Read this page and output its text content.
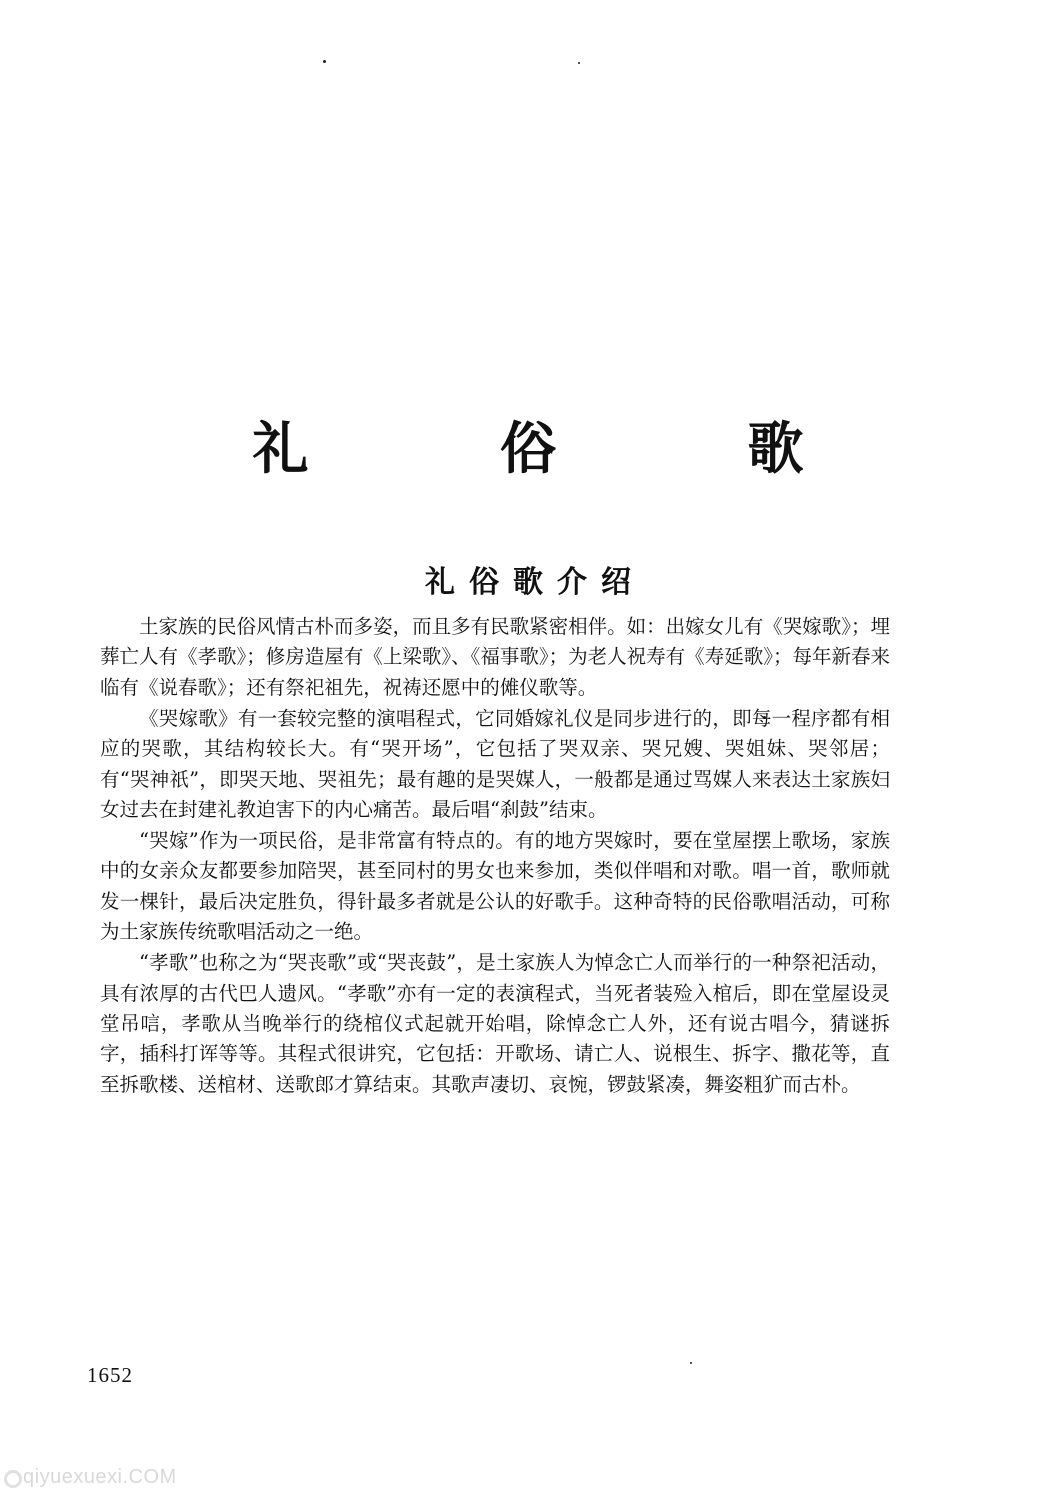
礼 俗 歌
礼俗歌介绍

土家族的民俗风情古朴而多姿，而且多有民歌紧密相伴。如：出嫁女儿有《哭嫁歌》；埋葬亡人有《孝歌》；修房造屋有《上梁歌》、《福事歌》；为老人祝寿有《寿延歌》；每年新春来临有《说春歌》；还有祭祀祖先，祝祷还愿中的傩仪歌等。

《哭嫁歌》有一套较完整的演唱程式，它同婚嫁礼仪是同步进行的，即每一程序都有相应的哭歌，其结构较长大。有“哭开场”，它包括了哭双亲、哭兄嫂、哭姐妹、哭邻居；有“哭神祇”，即哭天地、哭祖先；最有趣的是哭媒人，一般都是通过骂媒人来表达土家族妇女过去在封建礼教迫害下的内心痛苦。最后唱“刹鼓”结束。

“哭嫁”作为一项民俗，是非常富有特点的。有的地方哭嫁时，要在堂屋摆上歌场，家族中的女亲众友都要参加陪哭，甚至同村的男女也来参加，类似伴唱和对歌。唱一首，歌师就发一棵针，最后决定胜负，得针最多者就是公认的好歌手。这种奇特的民俗歌唱活动，可称为土家族传统歌唱活动之一绝。

“孝歌”也称之为“哭丧歌”或“哭丧鼓”，是土家族人为悼念亡人而举行的一种祭祀活动，具有浓厚的古代巴人遗风。“孝歌”亦有一定的表演程式，当死者装殓入棺后，即在堂屋设灵堂吊唁，孝歌从当晚举行的绕棺仪式起就开始唱，除悼念亡人外，还有说古唱今，猜谜拆字，插科打诨等等。其程式很讲究，它包括：开歌场、请亡人、说根生、拆字、撒花等，直至拆歌楼、送棺材、送歌郎才算结束。其歌声凄切、哀惋，锣鼓紧凑，舞姿粗犷而古朴。

1652
qiyuexuexi.COM
